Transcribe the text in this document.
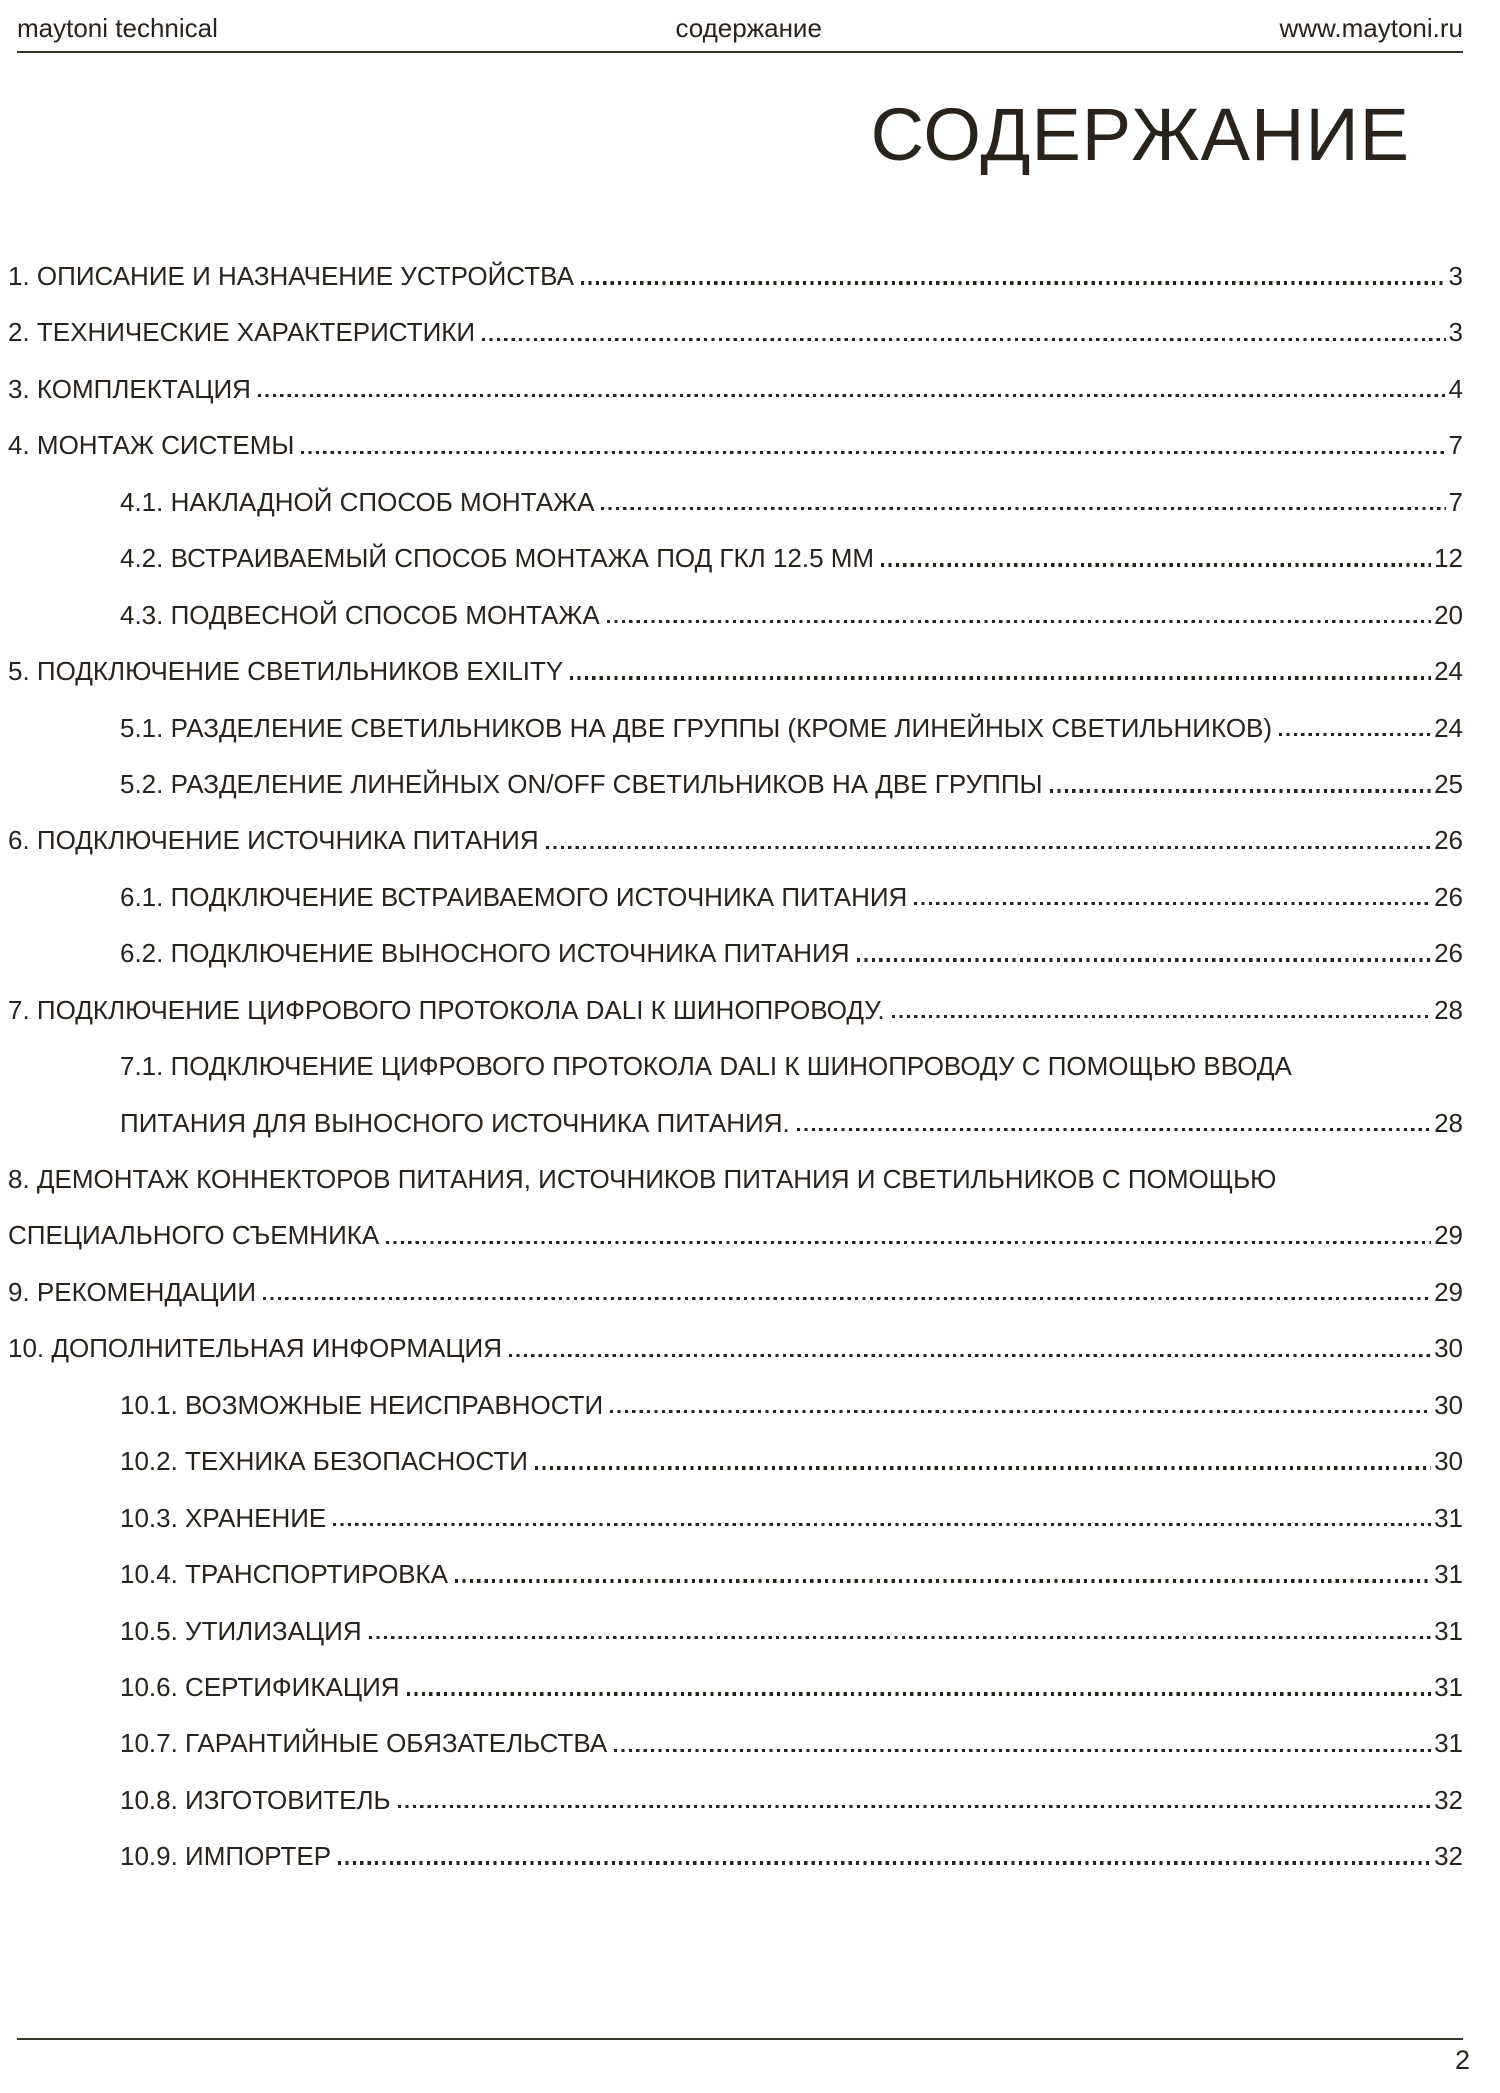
maytoni technical	содержание	www.maytoni.ru
СОДЕРЖАНИЕ
1. ОПИСАНИЕ И НАЗНАЧЕНИЕ УСТРОЙСТВА	3
2. ТЕХНИЧЕСКИЕ ХАРАКТЕРИСТИКИ	3
3. КОМПЛЕКТАЦИЯ	4
4. МОНТАЖ СИСТЕМЫ	7
4.1. НАКЛАДНОЙ СПОСОБ МОНТАЖА	7
4.2. ВСТРАИВАЕМЫЙ СПОСОБ МОНТАЖА ПОД ГКЛ 12.5 ММ	12
4.3. ПОДВЕСНОЙ СПОСОБ МОНТАЖА	20
5. ПОДКЛЮЧЕНИЕ СВЕТИЛЬНИКОВ EXILITY	24
5.1. РАЗДЕЛЕНИЕ СВЕТИЛЬНИКОВ НА ДВЕ ГРУППЫ (КРОМЕ ЛИНЕЙНЫХ СВЕТИЛЬНИКОВ)	24
5.2. РАЗДЕЛЕНИЕ ЛИНЕЙНЫХ ON/OFF СВЕТИЛЬНИКОВ НА ДВЕ ГРУППЫ	25
6. ПОДКЛЮЧЕНИЕ ИСТОЧНИКА ПИТАНИЯ	26
6.1. ПОДКЛЮЧЕНИЕ ВСТРАИВАЕМОГО ИСТОЧНИКА ПИТАНИЯ	26
6.2. ПОДКЛЮЧЕНИЕ ВЫНОСНОГО ИСТОЧНИКА ПИТАНИЯ	26
7. ПОДКЛЮЧЕНИЕ ЦИФРОВОГО ПРОТОКОЛА DALI К ШИНОПРОВОДУ.	28
7.1. ПОДКЛЮЧЕНИЕ ЦИФРОВОГО ПРОТОКОЛА DALI К ШИНОПРОВОДУ С ПОМОЩЬЮ ВВОДА
ПИТАНИЯ ДЛЯ ВЫНОСНОГО ИСТОЧНИКА ПИТАНИЯ.	28
8. ДЕМОНТАЖ КОННЕКТОРОВ ПИТАНИЯ, ИСТОЧНИКОВ ПИТАНИЯ И СВЕТИЛЬНИКОВ С ПОМОЩЬЮ
СПЕЦИАЛЬНОГО СЪЕМНИКА	29
9. РЕКОМЕНДАЦИИ	29
10. ДОПОЛНИТЕЛЬНАЯ ИНФОРМАЦИЯ	30
10.1. ВОЗМОЖНЫЕ НЕИСПРАВНОСТИ	30
10.2. ТЕХНИКА БЕЗОПАСНОСТИ	30
10.3. ХРАНЕНИЕ	31
10.4. ТРАНСПОРТИРОВКА	31
10.5. УТИЛИЗАЦИЯ	31
10.6. СЕРТИФИКАЦИЯ	31
10.7. ГАРАНТИЙНЫЕ ОБЯЗАТЕЛЬСТВА	31
10.8. ИЗГОТОВИТЕЛЬ	32
10.9. ИМПОРТЕР	32
2
